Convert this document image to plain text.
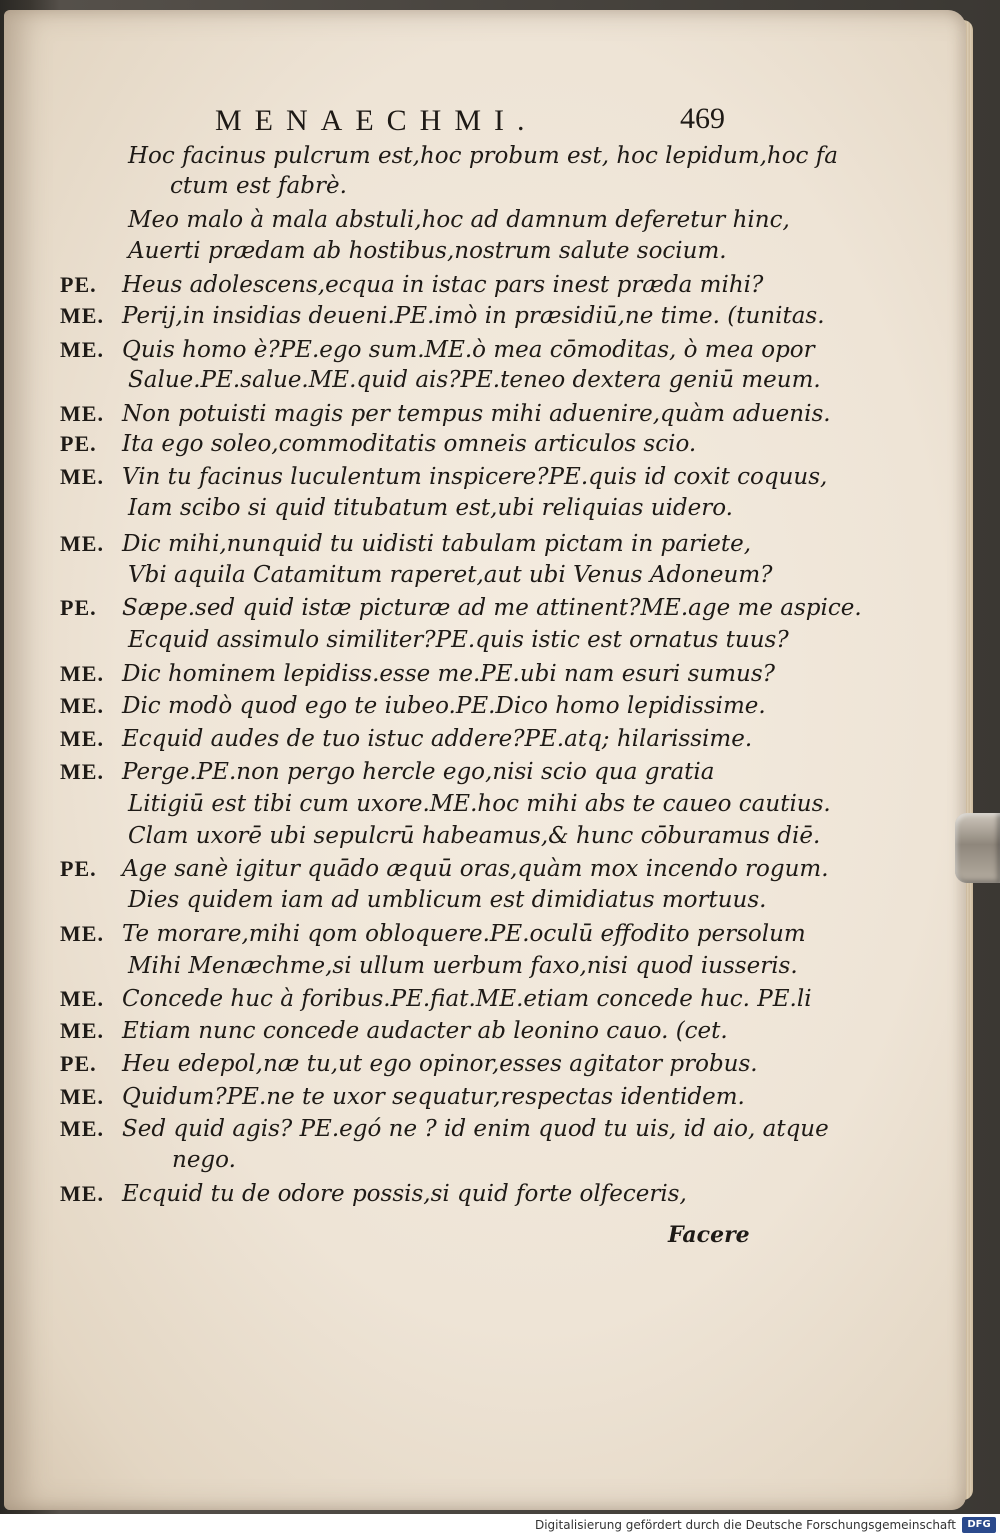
MENAECHMI.	469
Hoc facinus pulcrum est,hoc probum est, hoc lepidum,hoc fa
ctum est fabrè.
Meo malo à mala abstuli,hoc ad damnum deferetur hinc,
Auerti prædam ab hostibus,nostrum salute socium.
PE. Heus adolescens,ecqua in istac pars inest præda mihi?
ME. Perij,in insidias deueni.PE.imò in præsidiū,ne time. (tunitas.
ME. Quis homo è?PE.ego sum.ME.ò mea cōmoditas, ò mea opor
Salue.PE.salue.ME.quid ais?PE.teneo dextera geniū meum.
ME. Non potuisti magis per tempus mihi aduenire,quàm aduenis.
PE. Ita ego soleo,commoditatis omneis articulos scio.
ME. Vin tu facinus luculentum inspicere?PE.quis id coxit coquus,
Iam scibo si quid titubatum est,ubi reliquias uidero.
ME. Dic mihi,nunquid tu uidisti tabulam pictam in pariete,
Vbi aquila Catamitum raperet,aut ubi Venus Adoneum?
PE. Sæpe.sed quid istæ picturæ ad me attinent?ME.age me aspice.
Ecquid assimulo similiter?PE.quis istic est ornatus tuus?
ME. Dic hominem lepidiss.esse me.PE.ubi nam esuri sumus?
ME. Dic modò quod ego te iubeo.PE.Dico homo lepidissime.
ME. Ecquid audes de tuo istuc addere?PE.atq; hilarissime.
ME. Perge.PE.non pergo hercle ego,nisi scio qua gratia
Litigiū est tibi cum uxore.ME.hoc mihi abs te caueo cautius.
Clam uxorē ubi sepulcrū habeamus,& hunc cōburamus diē.
PE. Age sanè igitur quādo æquū oras,quàm mox incendo rogum.
Dies quidem iam ad umblicum est dimidiatus mortuus.
ME. Te morare,mihi qom obloquere.PE.oculū effodito persolum
Mihi Menæchme,si ullum uerbum faxo,nisi quod iusseris.
ME. Concede huc à foribus.PE.fiat.ME.etiam concede huc. PE.li
ME. Etiam nunc concede audacter ab leonino cauo. (cet.
PE. Heu edepol,næ tu,ut ego opinor,esses agitator probus.
ME. Quidum?PE.ne te uxor sequatur,respectas identidem.
ME. Sed quid agis? PE.egó ne ? id enim quod tu uis, id aio, atque
nego.
ME. Ecquid tu de odore possis,si quid forte olfeceris,
Facere
Digitalisierung gefördert durch die Deutsche Forschungsgemeinschaft	DFG
